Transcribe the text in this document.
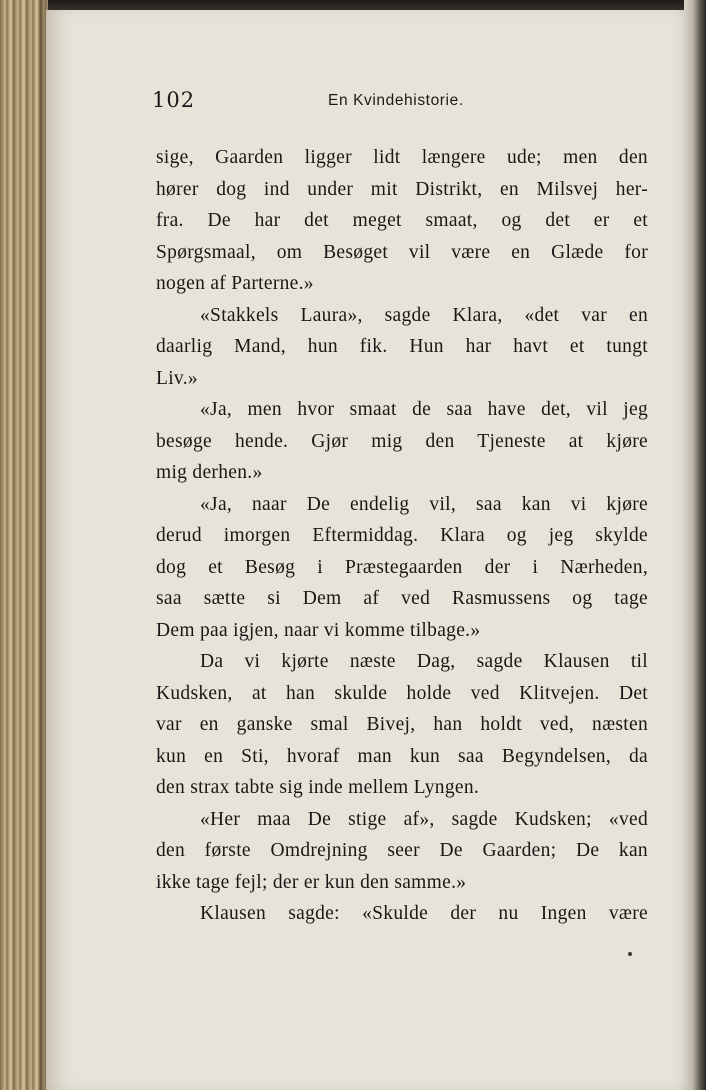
102	En Kvindehistorie.
sige, Gaarden ligger lidt længere ude; men den
hører dog ind under mit Distrikt, en Milsvej her-
fra. De har det meget smaat, og det er et
Spørgsmaal, om Besøget vil være en Glæde for
nogen af Parterne.»
«Stakkels Laura», sagde Klara, «det var en
daarlig Mand, hun fik. Hun har havt et tungt
Liv.»
«Ja, men hvor smaat de saa have det, vil jeg
besøge hende. Gjør mig den Tjeneste at kjøre
mig derhen.»
«Ja, naar De endelig vil, saa kan vi kjøre
derud imorgen Eftermiddag. Klara og jeg skylde
dog et Besøg i Præstegaarden der i Nærheden,
saa sætte si Dem af ved Rasmussens og tage
Dem paa igjen, naar vi komme tilbage.»
Da vi kjørte næste Dag, sagde Klausen til
Kudsken, at han skulde holde ved Klitvejen. Det
var en ganske smal Bivej, han holdt ved, næsten
kun en Sti, hvoraf man kun saa Begyndelsen, da
den strax tabte sig inde mellem Lyngen.
«Her maa De stige af», sagde Kudsken; «ved
den første Omdrejning seer De Gaarden; De kan
ikke tage fejl; der er kun den samme.»
Klausen sagde: «Skulde der nu Ingen være
